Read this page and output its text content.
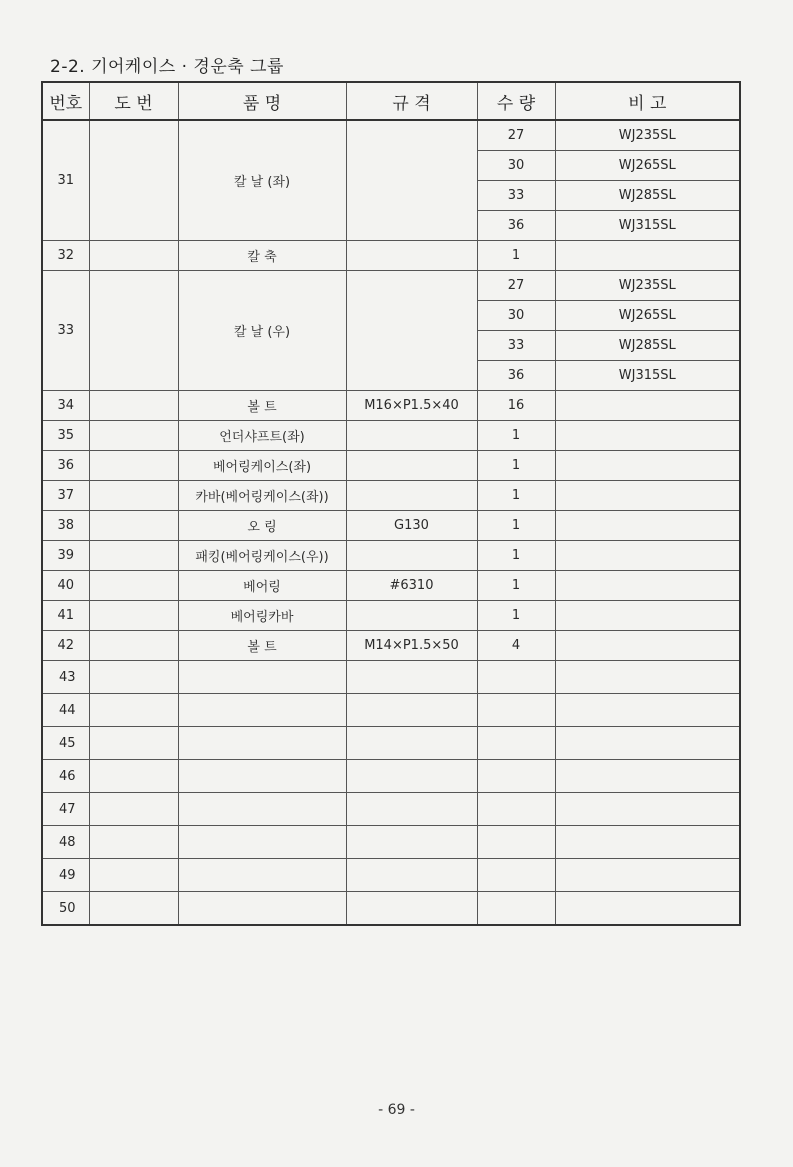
2-2. 기어케이스 · 경운축 그룹
번호	도 번	품 명	규 격	수 량	비 고
31		칼 날 (좌)		27	WJ235SL
				30	WJ265SL
				33	WJ285SL
				36	WJ315SL
32		칼 축		1	
33		칼 날 (우)		27	WJ235SL
				30	WJ265SL
				33	WJ285SL
				36	WJ315SL
34		볼 트	M16×P1.5×40	16	
35		언더샤프트(좌)		1	
36		베어링케이스(좌)		1	
37		카바(베어링케이스(좌))		1	
38		오 링	G130	1	
39		패킹(베어링케이스(우))		1	
40		베어링	#6310	1	
41		베어링카바		1	
42		볼 트	M14×P1.5×50	4	
43					
44					
45					
46					
47					
48					
49					
50					
- 69 -
